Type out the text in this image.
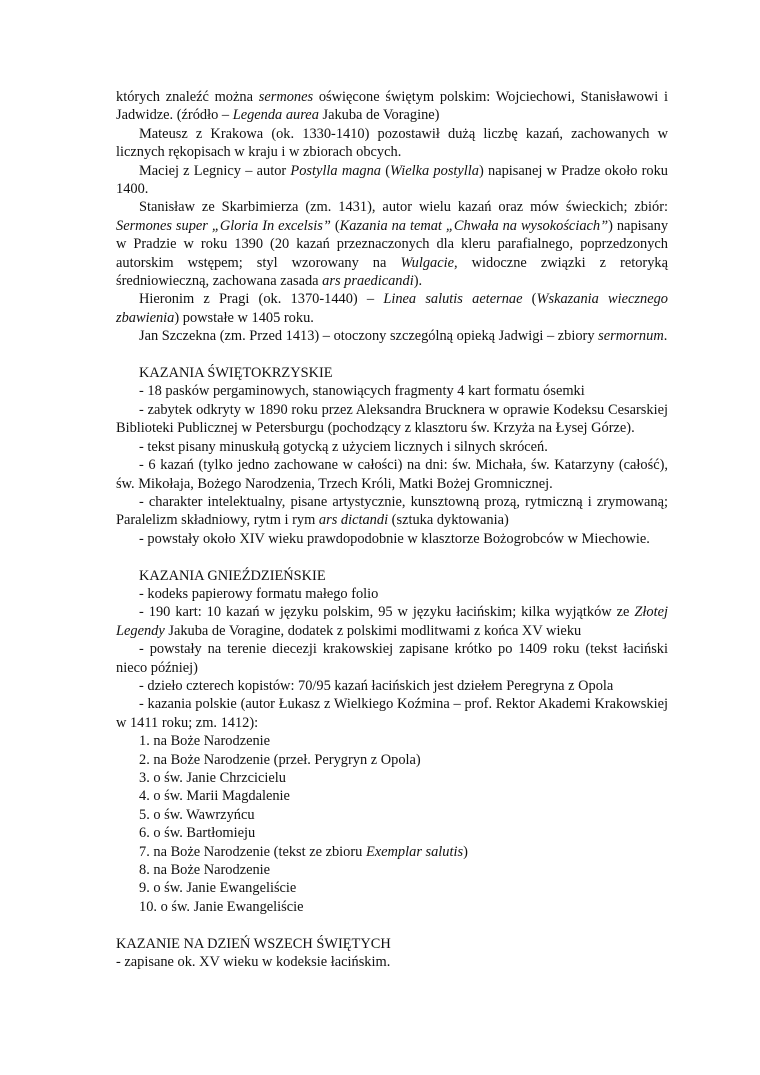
których znaleźć można sermones oświęcone świętym polskim: Wojciechowi, Stanisławowi i Jadwidze. (źródło – Legenda aurea Jakuba de Voragine)

Mateusz z Krakowa (ok. 1330-1410) pozostawił dużą liczbę kazań, zachowanych w licznych rękopisach w kraju i w zbiorach obcych.

Maciej z Legnicy – autor Postylla magna (Wielka postylla) napisanej w Pradze około roku 1400.

Stanisław ze Skarbimierza (zm. 1431), autor wielu kazań oraz mów świeckich; zbiór: Sermones super „Gloria In excelsis” (Kazania na temat „Chwała na wysokościach”) napisany w Pradzie w roku 1390 (20 kazań przeznaczonych dla kleru parafialnego, poprzedzonych autorskim wstępem; styl wzorowany na Wulgacie, widoczne związki z retoryką średniowieczną, zachowana zasada ars praedicandi).

Hieronim z Pragi (ok. 1370-1440) – Linea salutis aeternae (Wskazania wiecznego zbawienia) powstałe w 1405 roku.

Jan Szczekna (zm. Przed 1413) – otoczony szczególną opieką Jadwigi – zbiory sermornum.

KAZANIA ŚWIĘTOKRZYSKIE

- 18 pasków pergaminowych, stanowiących fragmenty 4 kart formatu ósemki

- zabytek odkryty w 1890 roku przez Aleksandra Brucknera w oprawie Kodeksu Cesarskiej Biblioteki Publicznej w Petersburgu (pochodzący z klasztoru św. Krzyża na Łysej Górze).

- tekst pisany minuskułą gotycką z użyciem licznych i silnych skróceń.

- 6 kazań (tylko jedno zachowane w całości) na dni: św. Michała, św. Katarzyny (całość), św. Mikołaja, Bożego Narodzenia, Trzech Króli, Matki Bożej Gromnicznej.

- charakter intelektualny, pisane artystycznie, kunsztowną prozą, rytmiczną i zrymowaną; Paralelizm składniowy, rytm i rym ars dictandi (sztuka dyktowania)

- powstały około XIV wieku prawdopodobnie w klasztorze Bożogrobców w Miechowie.

KAZANIA GNIEŹDZIEŃSKIE

- kodeks papierowy formatu małego folio

- 190 kart: 10 kazań w języku polskim, 95 w języku łacińskim; kilka wyjątków ze Złotej Legendy Jakuba de Voragine, dodatek z polskimi modlitwami z końca XV wieku

- powstały na terenie diecezji krakowskiej zapisane krótko po 1409 roku (tekst łaciński nieco później)

- dzieło czterech kopistów: 70/95 kazań łacińskich jest dziełem Peregryna z Opola

- kazania polskie (autor Łukasz z Wielkiego Koźmina – prof. Rektor Akademi Krakowskiej w 1411 roku; zm. 1412):

1. na Boże Narodzenie
2. na Boże Narodzenie (przeł. Perygryn z Opola)
3. o św. Janie Chrzcicielu
4. o św. Marii Magdalenie
5. o św. Wawrzyńcu
6. o św. Bartłomieju
7. na Boże Narodzenie (tekst ze zbioru Exemplar salutis)
8. na Boże Narodzenie
9. o św. Janie Ewangeliście
10. o św. Janie Ewangeliście

KAZANIE NA DZIEŃ WSZECH ŚWIĘTYCH

- zapisane ok. XV wieku w kodeksie łacińskim.
